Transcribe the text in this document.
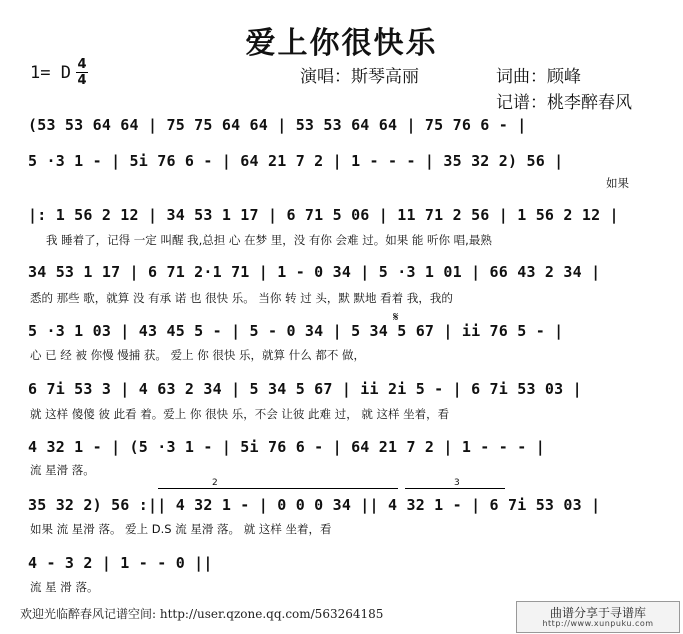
爱上你很快乐
1= D 4
4	演唱：斯琴高丽	词曲：顾峰
记谱：桃李醉春风
(53 53 64 64 | 75 75 64 64 | 53 53 64 64 | 75 76 6 - |
5 ·3 1 - | 5i 76 6 - | 64 21 7 2 | 1 - - - | 35 32 2) 56 |
如果
|: 1 56 2 12 | 34 53 1 17 | 6 71 5 06 | 11 71 2 56 | 1 56 2 12 |
我 睡着了，记得 一定 叫醒 我,总担 心 在梦 里，没 有你 会难 过。如果 能 听你 唱,最熟
34 53 1 17 | 6 71 2·1 71 | 1 - 0 34 | 5 ·3 1 01 | 66 43 2 34 |
悉的 那些 歌，就算 没 有承 诺 也 很快 乐。 当你 转 过 头，默 默地 看着 我，我的
𝄋
5 ·3 1 03 | 43 45 5 - | 5 - 0 34 | 5 34 5 67 | ii 76 5 - |
心 已 经 被 你慢 慢捕 获。 爱上 你 很快 乐，就算 什么 都不 做，
6 7i 53 3 | 4 63 2 34 | 5 34 5 67 | ii 2i 5 - | 6 7i 53 03 |
就 这样 傻傻 彼 此看 着。爱上 你 很快 乐，不会 让彼 此难 过， 就 这样 坐着，看
4 32 1 - | (5 ·3 1 - | 5i 76 6 - | 64 21 7 2 | 1 - - - |
流 星滑 落。
2	3
35 32 2) 56 :|| 4 32 1 - | 0 0 0 34 || 4 32 1 - | 6 7i 53 03 |
如果 流 星滑 落。 爱上 D.S 流 星滑 落。 就 这样 坐着，看
4 - 3 2 | 1 - - 0 ||
流 星 滑 落。
欢迎光临醉春风记谱空间: http://user.qzone.qq.com/563264185	曲谱分享于寻谱库
http://www.xunpuku.com
